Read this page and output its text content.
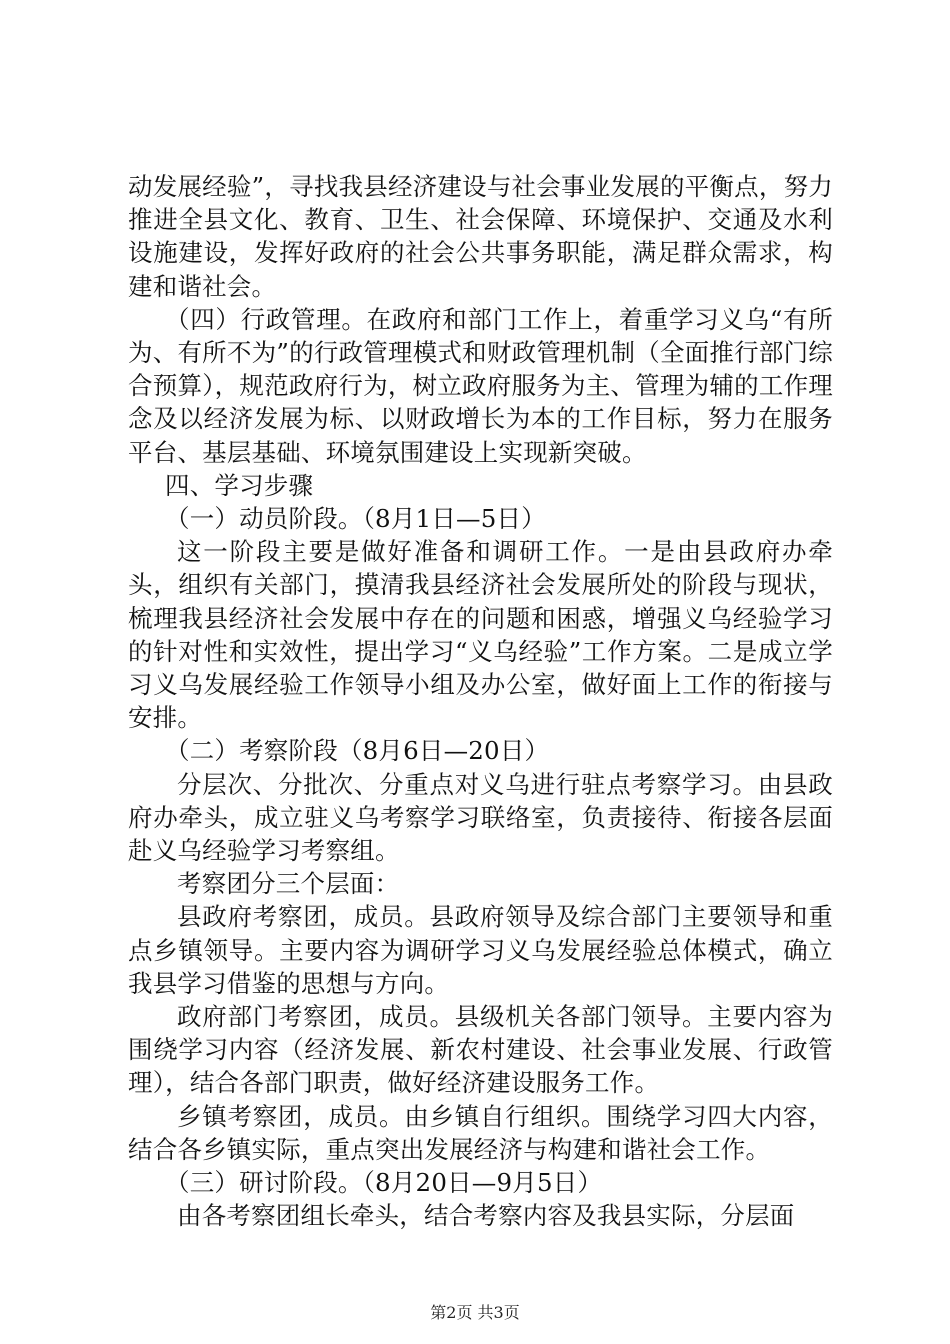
动发展经验”，寻找我县经济建设与社会事业发展的平衡点，努力推进全县文化、教育、卫生、社会保障、环境保护、交通及水利设施建设，发挥好政府的社会公共事务职能，满足群众需求，构建和谐社会。

（四）行政管理。在政府和部门工作上，着重学习义乌“有所为、有所不为”的行政管理模式和财政管理机制（全面推行部门综合预算），规范政府行为，树立政府服务为主、管理为辅的工作理念及以经济发展为标、以财政增长为本的工作目标，努力在服务平台、基层基础、环境氛围建设上实现新突破。

四、学习步骤

（一）动员阶段。（8月1日—5日）

这一阶段主要是做好准备和调研工作。一是由县政府办牵头，组织有关部门，摸清我县经济社会发展所处的阶段与现状，梳理我县经济社会发展中存在的问题和困惑，增强义乌经验学习的针对性和实效性，提出学习“义乌经验”工作方案。二是成立学习义乌发展经验工作领导小组及办公室，做好面上工作的衔接与安排。

（二）考察阶段（8月6日—20日）

分层次、分批次、分重点对义乌进行驻点考察学习。由县政府办牵头，成立驻义乌考察学习联络室，负责接待、衔接各层面赴义乌经验学习考察组。

考察团分三个层面：

县政府考察团，成员。县政府领导及综合部门主要领导和重点乡镇领导。主要内容为调研学习义乌发展经验总体模式，确立我县学习借鉴的思想与方向。

政府部门考察团，成员。县级机关各部门领导。主要内容为围绕学习内容（经济发展、新农村建设、社会事业发展、行政管理），结合各部门职责，做好经济建设服务工作。

乡镇考察团，成员。由乡镇自行组织。围绕学习四大内容，结合各乡镇实际，重点突出发展经济与构建和谐社会工作。

（三）研讨阶段。（8月20日—9月5日）

由各考察团组长牵头，结合考察内容及我县实际，分层面

第2页 共3页
